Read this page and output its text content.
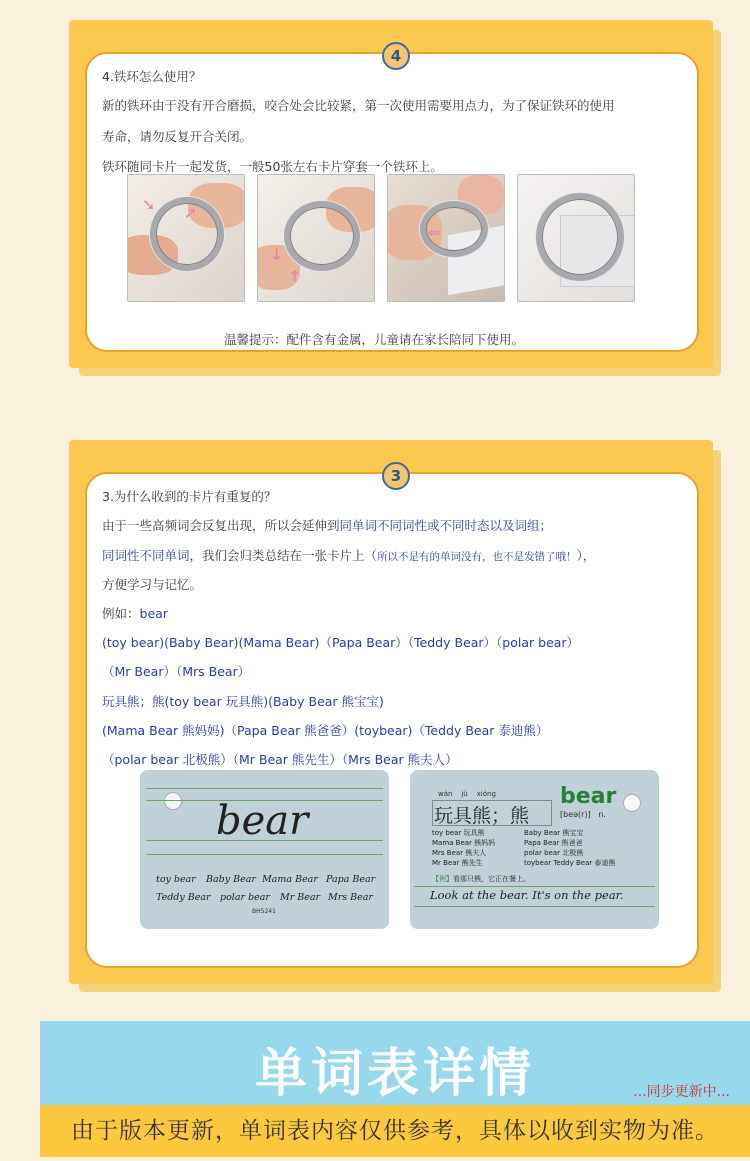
4
4.铁环怎么使用？
新的铁环由于没有开合磨损，咬合处会比较紧，第一次使用需要用点力，为了保证铁环的使用
寿命，请勿反复开合关闭。
铁环随同卡片一起发货，一般50张左右卡片穿套一个铁环上。
➘ ➚
↓
↑
⇐
温馨提示：配件含有金属，儿童请在家长陪同下使用。
3
3.为什么收到的卡片有重复的？
由于一些高频词会反复出现，所以会延伸到同单词不同词性或不同时态以及词组；
同词性不同单词，我们会归类总结在一张卡片上（所以不是有的单词没有，也不是发错了哦！），
方便学习与记忆。
例如：bear
(toy bear)(Baby Bear)(Mama Bear)（Papa Bear）（Teddy Bear）（polar bear）
（Mr Bear）（Mrs Bear）
玩具熊；熊(toy bear 玩具熊)(Baby Bear 熊宝宝)
(Mama Bear 熊妈妈)（Papa Bear 熊爸爸）(toybear)（Teddy Bear 泰迪熊）
（polar bear 北极熊）（Mr Bear 熊先生）（Mrs Bear 熊夫人）
bear
toy bear Baby Bear Mama Bear Papa Bear
Teddy Bear polar bear Mr Bear Mrs Bear
BH5241
wán jù xióng
玩具熊；熊
bear
[beə(r)] n.
toy bear 玩具熊
Mama Bear 熊妈妈
Mrs Bear 熊夫人
Mr Bear 熊先生
Baby Bear 熊宝宝
Papa Bear 熊爸爸
polar bear 北极熊
toybear Teddy Bear 泰迪熊
【例】看那只熊，它正在餐上。
Look at the bear. It's on the pear.
单词表详情	...同步更新中...
由于版本更新，单词表内容仅供参考，具体以收到实物为准。
